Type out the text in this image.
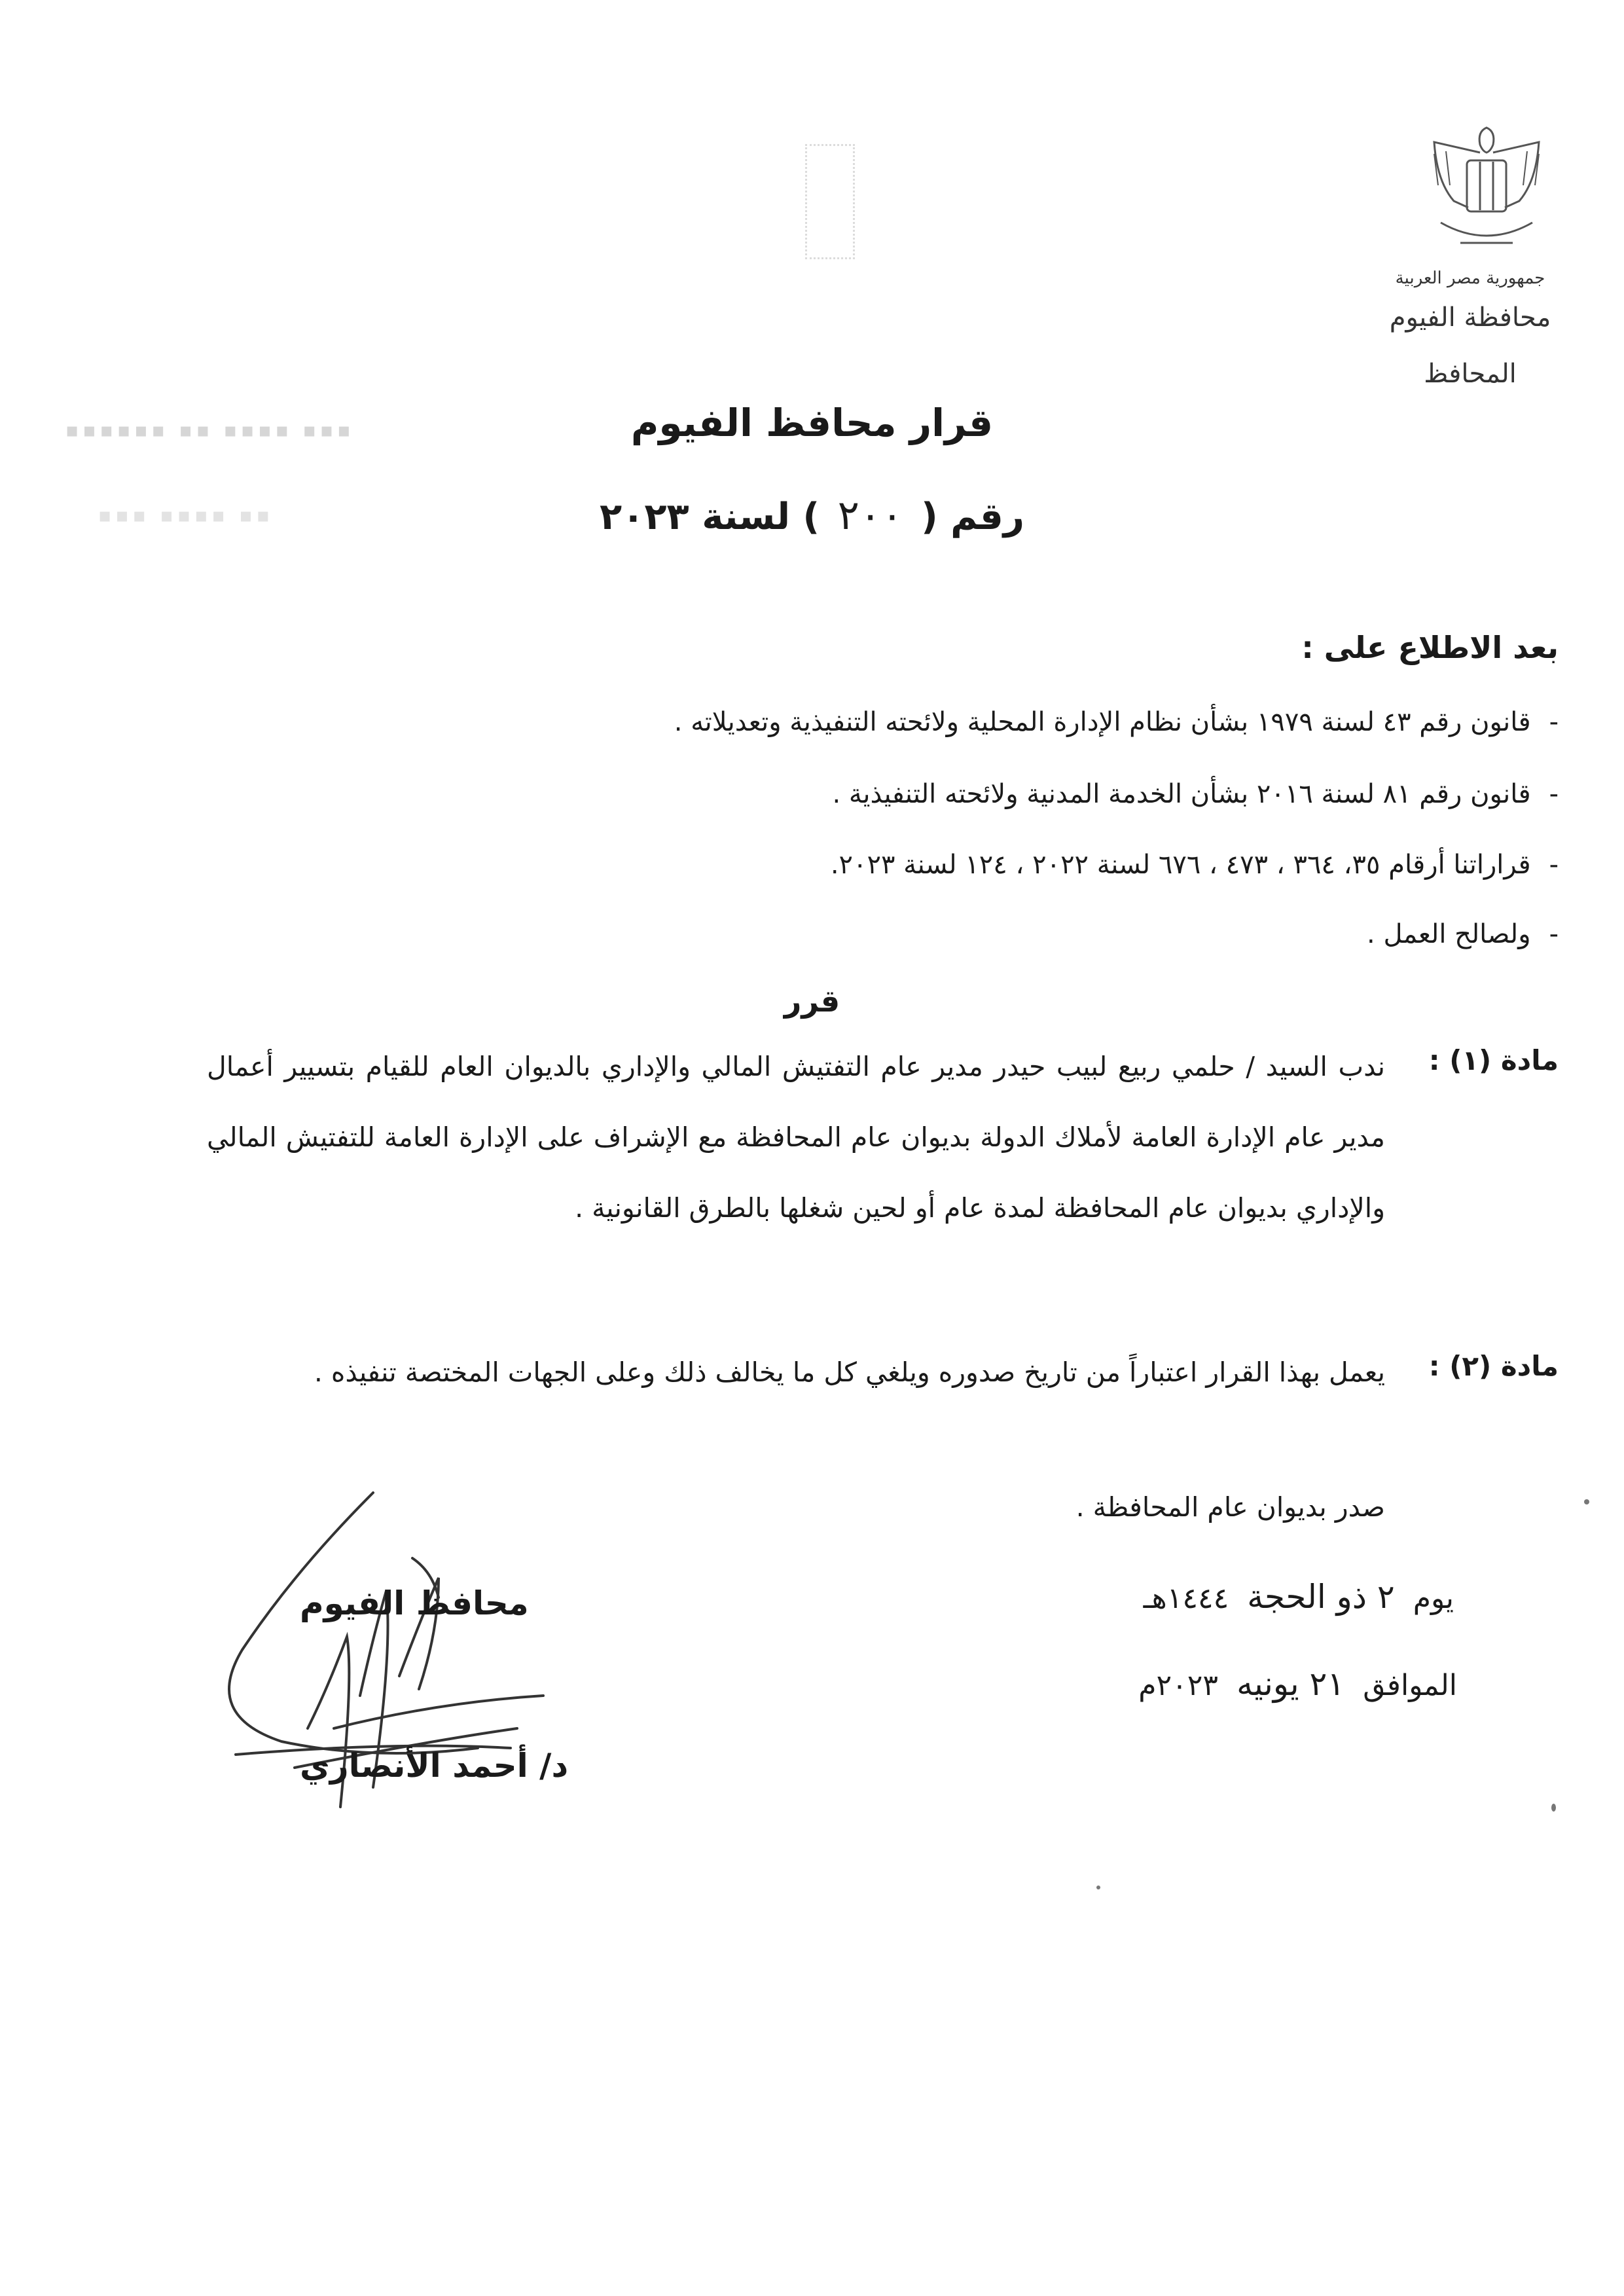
▪▪▪ ▪▪▪▪ ▪▪ ▪▪▪▪▪▪
▪▪ ▪▪▪▪ ▪▪▪
جمهورية مصر العربية
محافظة الفيوم
المحافظ
قرار محافظ الفيوم
رقم ( ٢٠٠ ) لسنة ٢٠٢٣
بعد الاطلاع على :
-قانون رقم ٤٣ لسنة ١٩٧٩ بشأن نظام الإدارة المحلية ولائحته التنفيذية وتعديلاته .
-قانون رقم ٨١ لسنة ٢٠١٦ بشأن الخدمة المدنية ولائحته التنفيذية .
-قراراتنا أرقام ٣٥، ٣٦٤ ، ٤٧٣ ، ٦٧٦ لسنة ٢٠٢٢ ، ١٢٤ لسنة ٢٠٢٣.
-ولصالح العمل .
قرر
مادة (١) :
ندب السيد / حلمي ربيع لبيب حيدر مدير عام التفتيش المالي والإداري بالديوان العام للقيام بتسيير أعمال مدير عام الإدارة العامة لأملاك الدولة بديوان عام المحافظة مع الإشراف على الإدارة العامة للتفتيش المالي والإداري بديوان عام المحافظة لمدة عام أو لحين شغلها بالطرق القانونية .
مادة (٢) :
يعمل بهذا القرار اعتباراً من تاريخ صدوره ويلغي كل ما يخالف ذلك وعلى الجهات المختصة تنفيذه .
صدر بديوان عام المحافظة .
محافظ الفيوم
د/ أحمد الأنصاري
يوم ٢ ذو الحجة ١٤٤٤هـ
الموافق ٢١ يونيه ٢٠٢٣م
